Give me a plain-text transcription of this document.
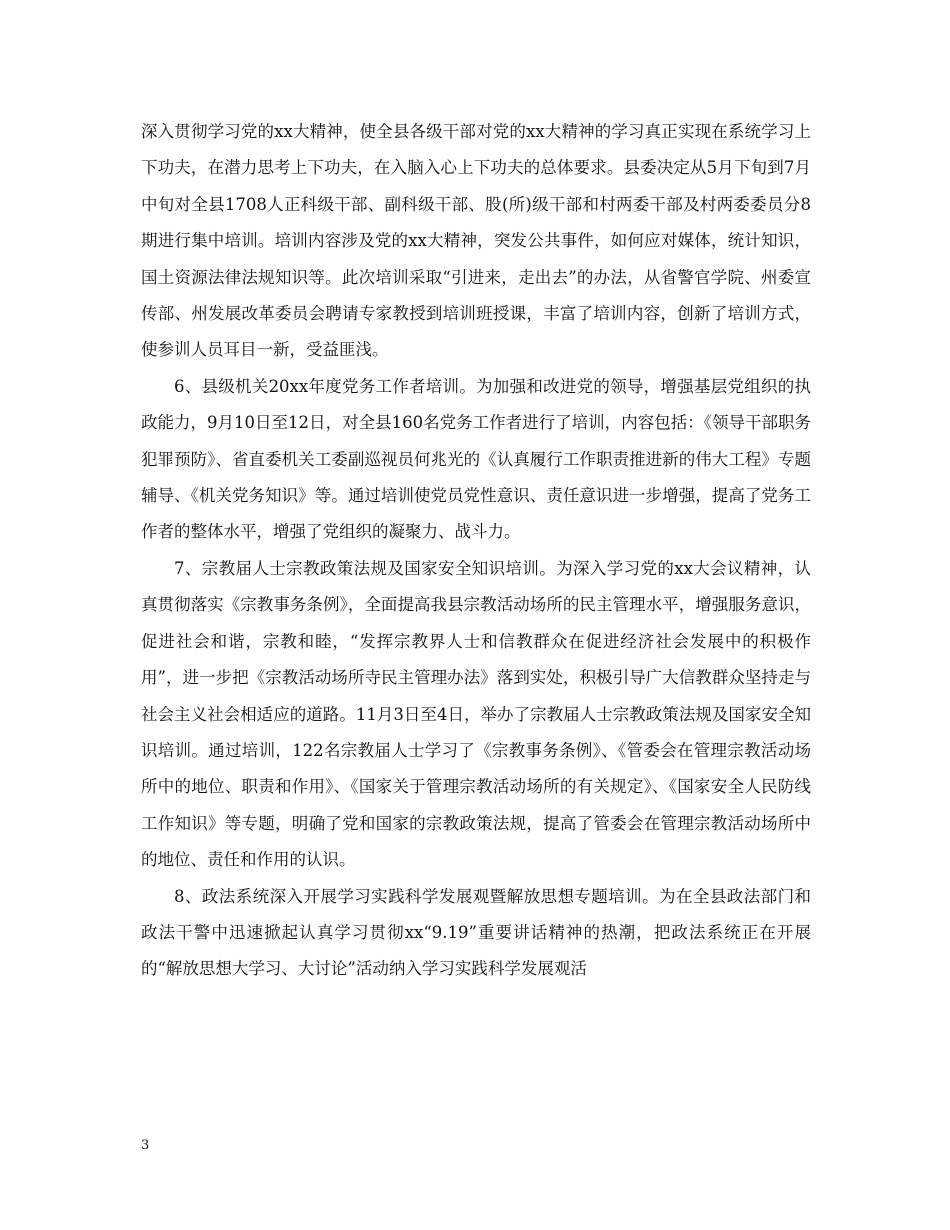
深入贯彻学习党的xx大精神，使全县各级干部对党的xx大精神的学习真正实现在系统学习上下功夫，在潜力思考上下功夫，在入脑入心上下功夫的总体要求。县委决定从5月下旬到7月中旬对全县1708人正科级干部、副科级干部、股(所)级干部和村两委干部及村两委委员分8期进行集中培训。培训内容涉及党的xx大精神，突发公共事件，如何应对媒体，统计知识，国土资源法律法规知识等。此次培训采取“引进来，走出去”的办法，从省警官学院、州委宣传部、州发展改革委员会聘请专家教授到培训班授课，丰富了培训内容，创新了培训方式，使参训人员耳目一新，受益匪浅。

6、县级机关20xx年度党务工作者培训。为加强和改进党的领导，增强基层党组织的执政能力，9月10日至12日，对全县160名党务工作者进行了培训，内容包括：《领导干部职务犯罪预防》、省直委机关工委副巡视员何兆光的《认真履行工作职责推进新的伟大工程》专题辅导、《机关党务知识》等。通过培训使党员党性意识、责任意识进一步增强，提高了党务工作者的整体水平，增强了党组织的凝聚力、战斗力。

7、宗教届人士宗教政策法规及国家安全知识培训。为深入学习党的xx大会议精神，认真贯彻落实《宗教事务条例》，全面提高我县宗教活动场所的民主管理水平，增强服务意识，促进社会和谐，宗教和睦，“发挥宗教界人士和信教群众在促进经济社会发展中的积极作用”，进一步把《宗教活动场所寺民主管理办法》落到实处，积极引导广大信教群众坚持走与社会主义社会相适应的道路。11月3日至4日，举办了宗教届人士宗教政策法规及国家安全知识培训。通过培训，122名宗教届人士学习了《宗教事务条例》、《管委会在管理宗教活动场所中的地位、职责和作用》、《国家关于管理宗教活动场所的有关规定》、《国家安全人民防线工作知识》等专题，明确了党和国家的宗教政策法规，提高了管委会在管理宗教活动场所中的地位、责任和作用的认识。

8、政法系统深入开展学习实践科学发展观暨解放思想专题培训。为在全县政法部门和政法干警中迅速掀起认真学习贯彻xx“9.19”重要讲话精神的热潮，把政法系统正在开展的“解放思想大学习、大讨论”活动纳入学习实践科学发展观活

3
